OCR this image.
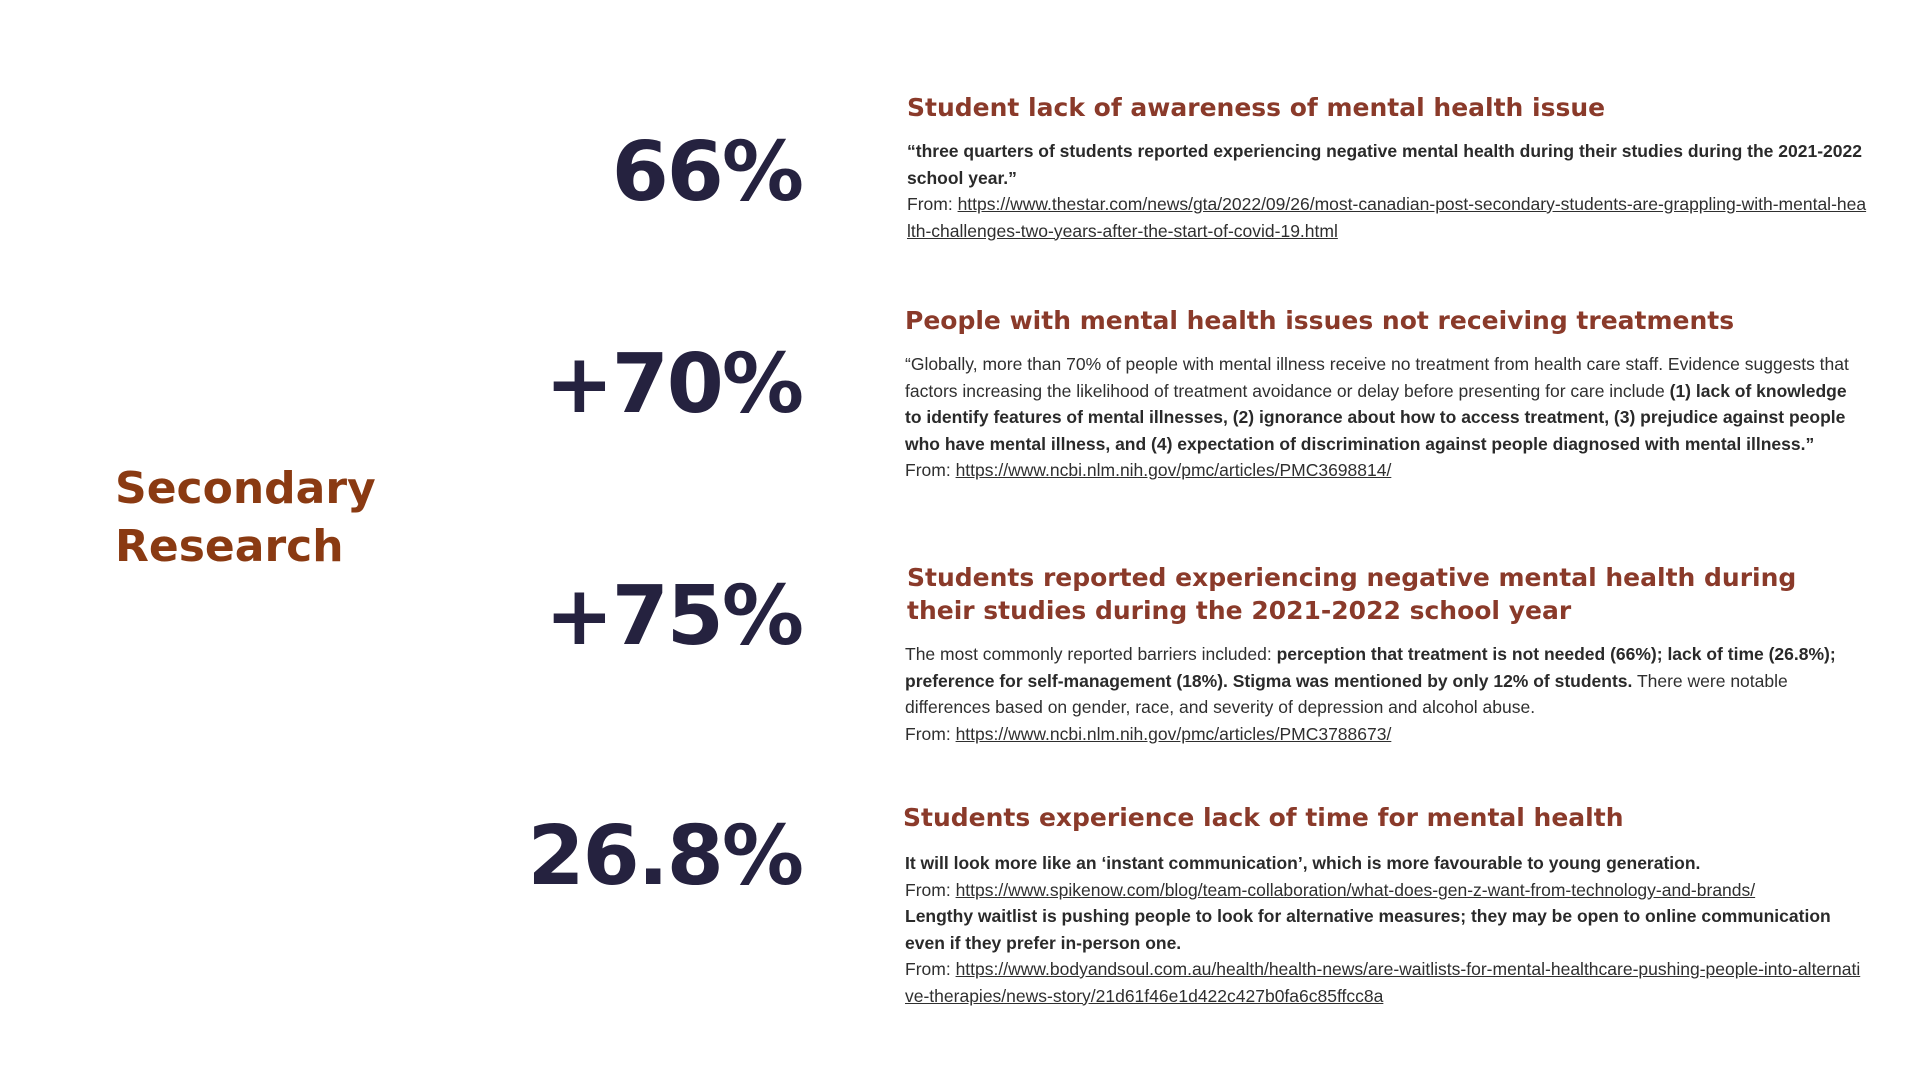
Secondary
Research
66%
Student lack of awareness of mental health issue

“three quarters of students reported experiencing negative mental health during their studies during the 2021-2022 school year.”
From: https://www.thestar.com/news/gta/2022/09/26/most-canadian-post-secondary-students-are-grappling-with-mental-health-challenges-two-years-after-the-start-of-covid-19.html

+70%
People with mental health issues not receiving treatments

“Globally, more than 70% of people with mental illness receive no treatment from health care staff. Evidence suggests that factors increasing the likelihood of treatment avoidance or delay before presenting for care include (1) lack of knowledge to identify features of mental illnesses, (2) ignorance about how to access treatment, (3) prejudice against people who have mental illness, and (4) expectation of discrimination against people diagnosed with mental illness.”
From: https://www.ncbi.nlm.nih.gov/pmc/articles/PMC3698814/

+75%	Students reported experiencing negative mental health during their studies during the 2021-2022 school year

The most commonly reported barriers included: perception that treatment is not needed (66%); lack of time (26.8%); preference for self-management (18%). Stigma was mentioned by only 12% of students. There were notable differences based on gender, race, and severity of depression and alcohol abuse.
From: https://www.ncbi.nlm.nih.gov/pmc/articles/PMC3788673/

26.8%	Students experience lack of time for mental health

It will look more like an ‘instant communication’, which is more favourable to young generation.
From: https://www.spikenow.com/blog/team-collaboration/what-does-gen-z-want-from-technology-and-brands/
Lengthy waitlist is pushing people to look for alternative measures; they may be open to online communication even if they prefer in-person one.
From: https://www.bodyandsoul.com.au/health/health-news/are-waitlists-for-mental-healthcare-pushing-people-into-alternative-therapies/news-story/21d61f46e1d422c427b0fa6c85ffcc8a
